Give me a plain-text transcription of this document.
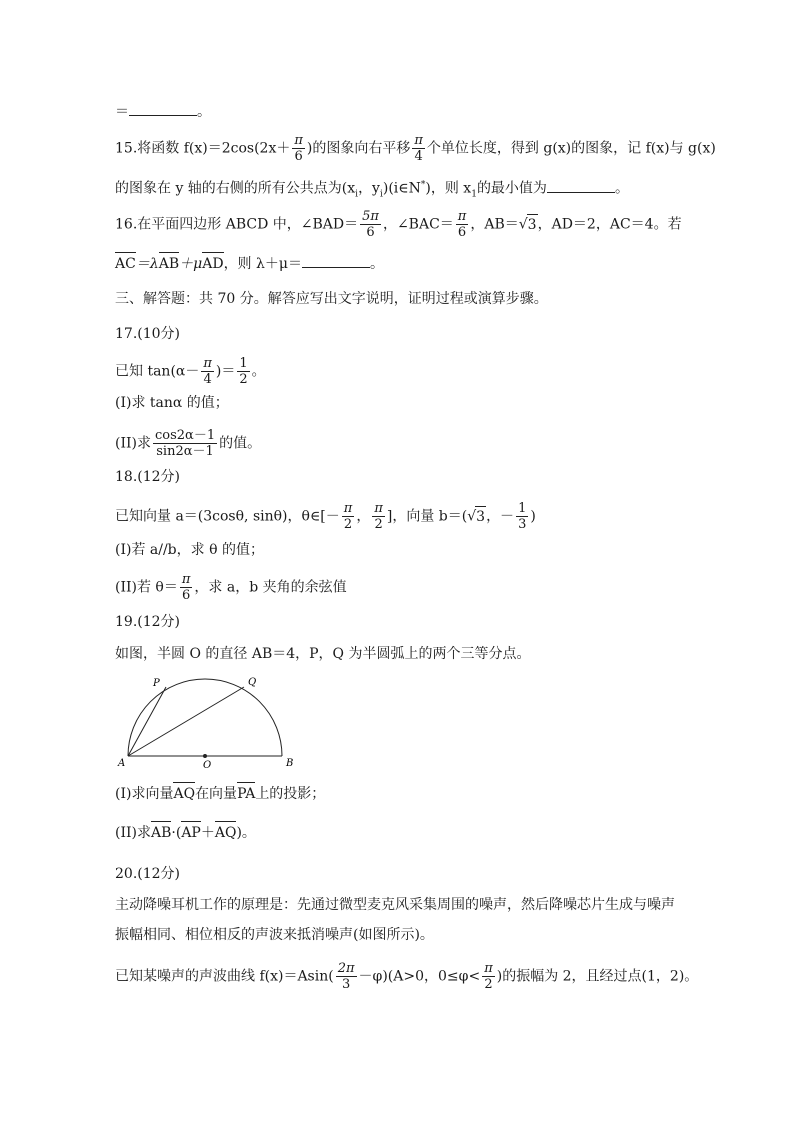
＝	。
15.将函数 $f(x)=2\cos(2x+ \frac{\pi}{6}$ )的图象向右平移 $\frac{\pi}{4}$ 个单位长度，得到 g(x)的图象，记 f(x)与 g(x)
的图象在 y 轴的右侧的所有公共点为($x_i$，$y_i)(i\in N^*)$，则 $x_1$的最小值为	。
16.在平面四边形 ABCD 中，∠BAD＝ $\frac{5\pi}{6}$ ，∠BAC＝ $\frac{\pi}{6}$ ，AB＝√3，AD＝2，AC＝4。若
AC＝λAB＋μAD，则 λ＋μ＝	。
三、解答题：共 70 分。解答应写出文字说明，证明过程或演算步骤。
17.(10分)
已知 $\tan(\alpha- \frac{\pi}{4}$ )＝ $\frac{1}{2}$ 。
(I)求 tanα 的值；
(II)求 $\frac{\cos 2\alpha-1}{\sin 2\alpha-1}$ 的值。
18.(12分)
已知向量 a＝(3cosθ, sinθ)，θ∈[－ $\frac{\pi}{2}$ ， $\frac{\pi}{2}$ ]，向量 b＝(√3，－ $\frac{1}{3}$ )
(I)若 a//b，求 θ 的值；
(II)若 $\theta= \frac{\pi}{6}$ ，求 a，b 夹角的余弦值
19.(12分)
如图，半圆 O 的直径 AB＝4，P，Q 为半圆弧上的两个三等分点。
P	Q
A	O	B
(I)求向量AQ在向量PA上的投影；
(II)求AB·(AP＋AQ)。
20.(12分)
主动降噪耳机工作的原理是：先通过微型麦克风采集周围的噪声，然后降噪芯片生成与噪声
振幅相同、相位相反的声波来抵消噪声(如图所示)。
已知某噪声的声波曲线 $f(x)=Asin( \frac{2\pi}{3} -\varphi)(A>0$，$0\le\varphi< \frac{\pi}{2}$ )的振幅为 2，且经过点(1，2)。
